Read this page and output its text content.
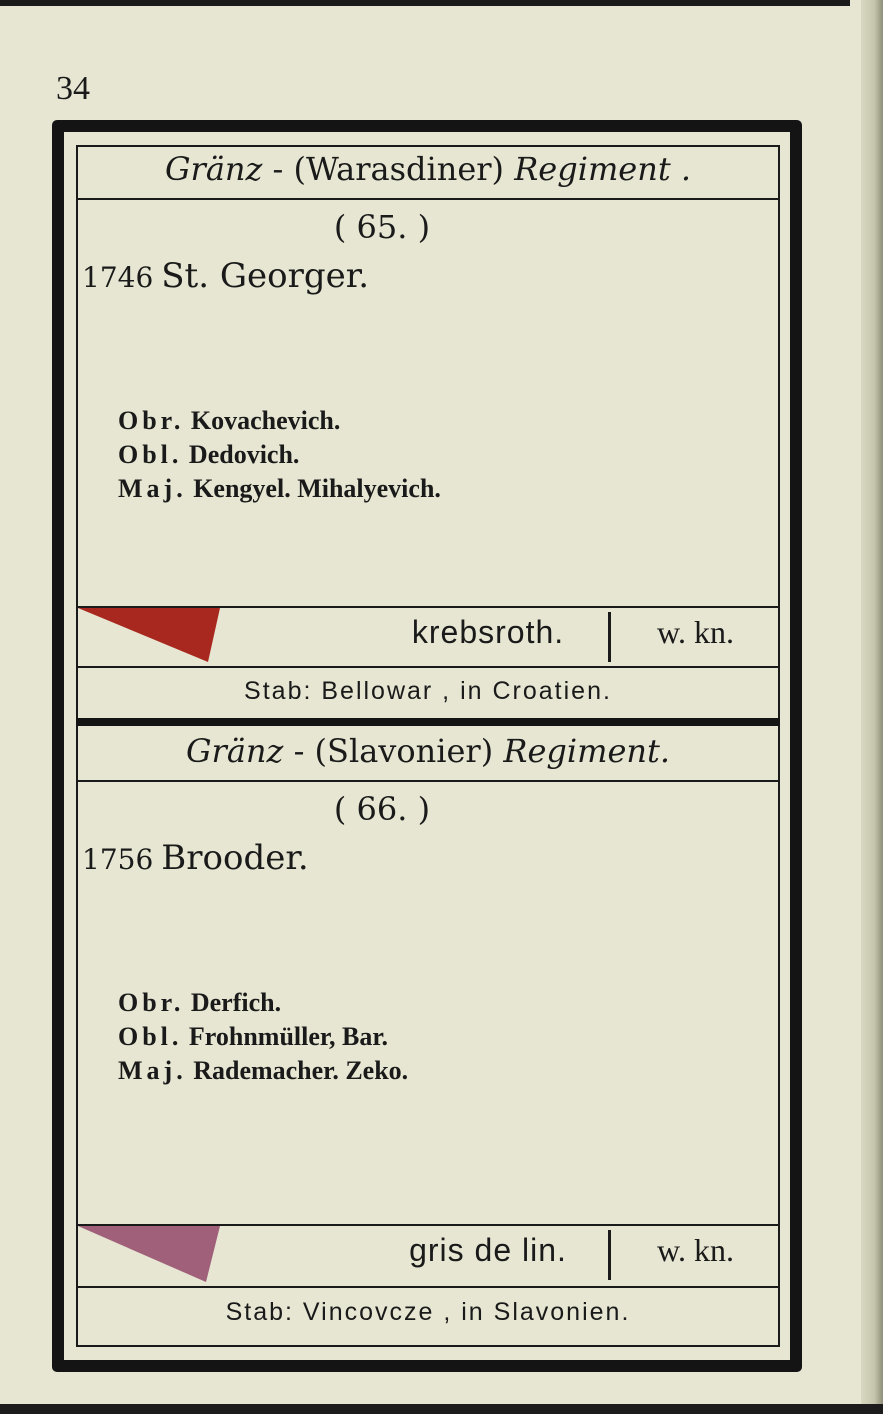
34
Gränz - (Warasdiner) Regiment .
( 65. )
1746 St. Georger.
Obr. Kovachevich.
Obl. Dedovich.
Maj. Kengyel. Mihalyevich.
krebsroth.	w. kn.
Stab: Bellowar , in Croatien.
Gränz - (Slavonier) Regiment.
( 66. )
1756 Brooder.
Obr. Derfich.
Obl. Frohnmüller, Bar.
Maj. Rademacher. Zeko.
gris de lin.	w. kn.
Stab: Vincovcze , in Slavonien.
